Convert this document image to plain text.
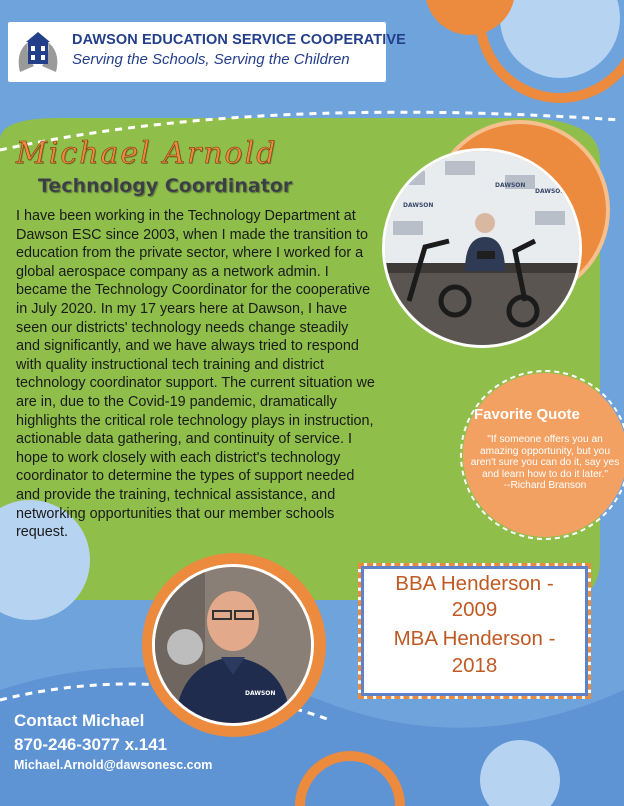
DAWSON EDUCATION SERVICE COOPERATIVE
Serving the Schools, Serving the Children
Michael Arnold
Technology Coordinator
I have been working in the Technology Department at Dawson ESC since 2003, when I made the transition to education from the private sector, where I worked for a global aerospace company as a network admin. I became the Technology Coordinator for the cooperative in July 2020. In my 17 years here at Dawson, I have seen our districts' technology needs change steadily and significantly, and we have always tried to respond with quality instructional tech training and district technology coordinator support. The current situation we are in, due to the Covid-19 pandemic, dramatically highlights the critical role technology plays in instruction, actionable data gathering, and continuity of service. I hope to work closely with each district's technology coordinator to determine the types of support needed and provide the training, technical assistance, and networking opportunities that our member schools request.
DAWSON
DAWSON
DAWSON
DAWSON
Favorite Quote
"If someone offers you an amazing opportunity, but you aren't sure you can do it, say yes and learn how to do it later."
--Richard Branson
BBA Henderson -
2009
MBA Henderson -
2018
Contact Michael
870-246-3077 x.141
Michael.Arnold@dawsonesc.com
